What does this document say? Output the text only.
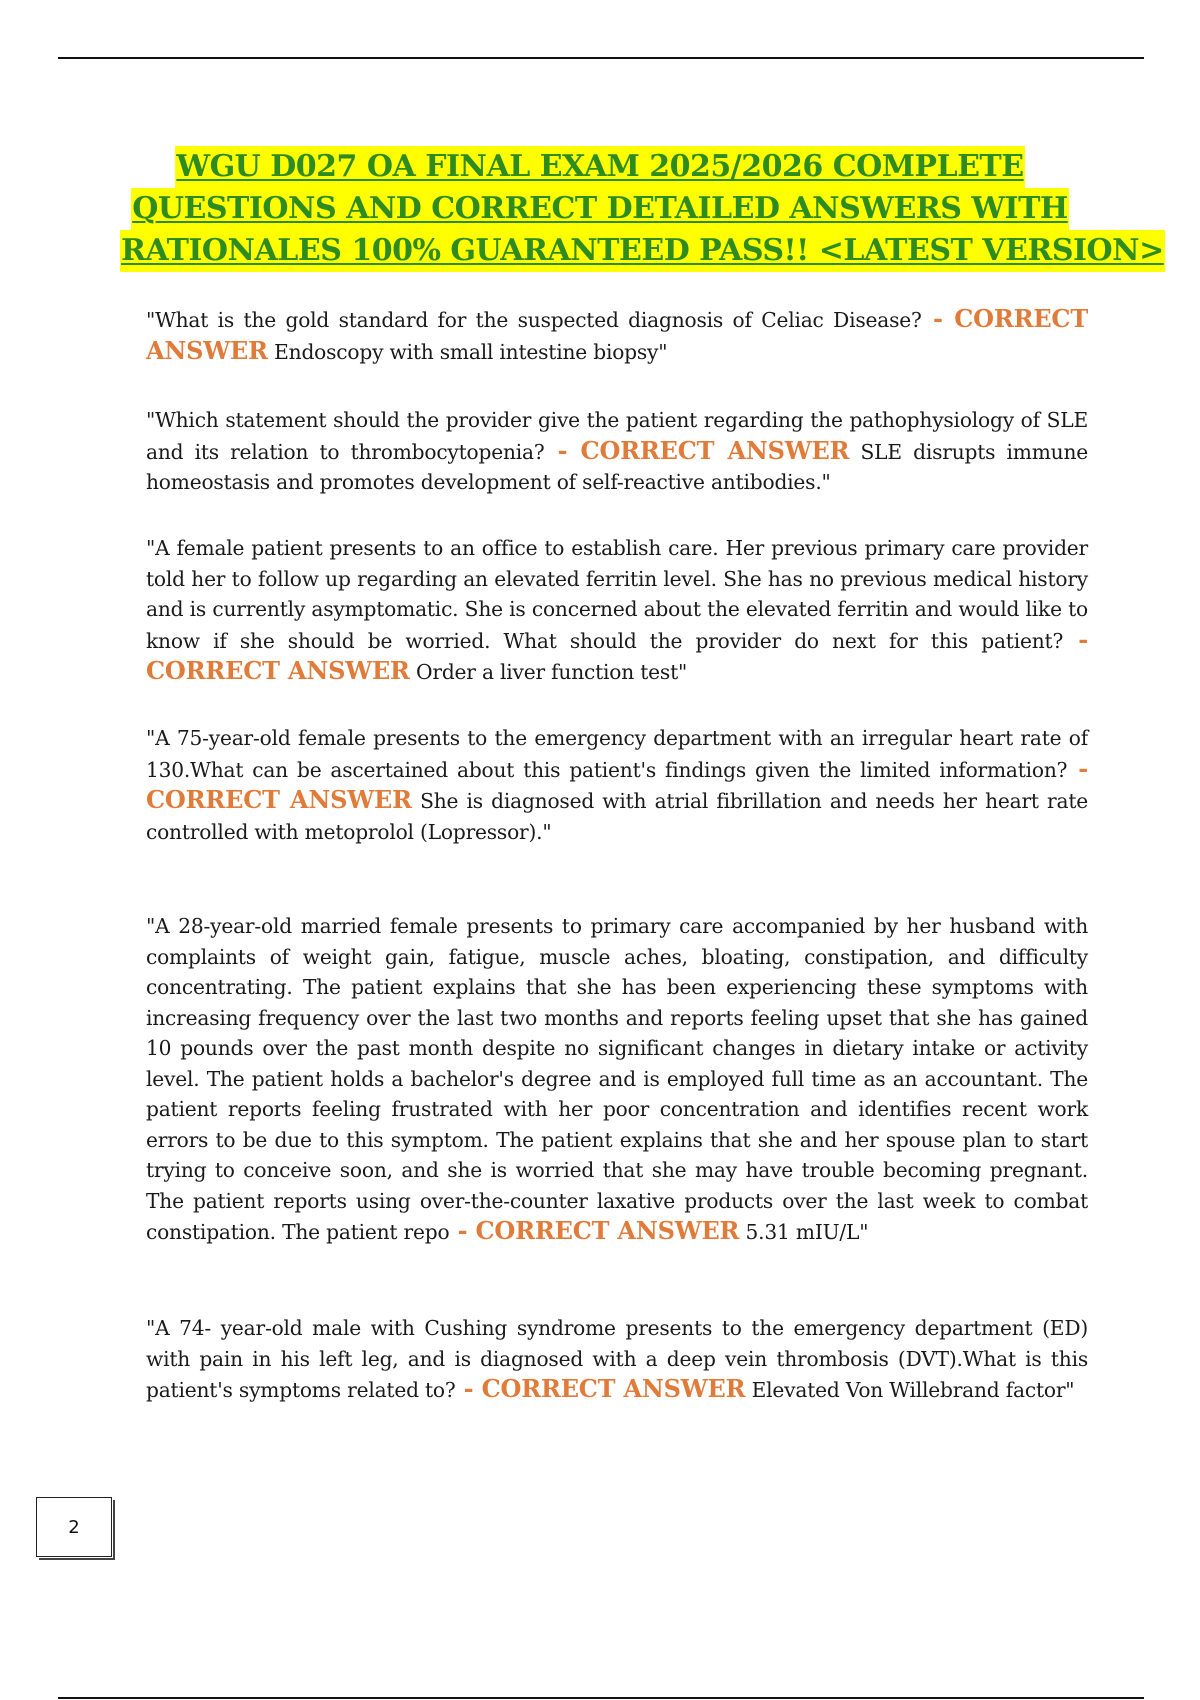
WGU D027 OA FINAL EXAM 2025/2026 COMPLETE
QUESTIONS AND CORRECT DETAILED ANSWERS WITH
RATIONALES 100% GUARANTEED PASS!! <LATEST VERSION>

"What is the gold standard for the suspected diagnosis of Celiac Disease? - CORRECT ANSWER Endoscopy with small intestine biopsy"

"Which statement should the provider give the patient regarding the pathophysiology of SLE and its relation to thrombocytopenia? - CORRECT ANSWER SLE disrupts immune homeostasis and promotes development of self-reactive antibodies."

"A female patient presents to an office to establish care. Her previous primary care provider told her to follow up regarding an elevated ferritin level. She has no previous medical history and is currently asymptomatic. She is concerned about the elevated ferritin and would like to know if she should be worried. What should the provider do next for this patient? - CORRECT ANSWER Order a liver function test"

"A 75-year-old female presents to the emergency department with an irregular heart rate of 130.What can be ascertained about this patient's findings given the limited information? - CORRECT ANSWER She is diagnosed with atrial fibrillation and needs her heart rate controlled with metoprolol (Lopressor)."

"A 28-year-old married female presents to primary care accompanied by her husband with complaints of weight gain, fatigue, muscle aches, bloating, constipation, and difficulty concentrating. The patient explains that she has been experiencing these symptoms with increasing frequency over the last two months and reports feeling upset that she has gained 10 pounds over the past month despite no significant changes in dietary intake or activity level. The patient holds a bachelor's degree and is employed full time as an accountant. The patient reports feeling frustrated with her poor concentration and identifies recent work errors to be due to this symptom. The patient explains that she and her spouse plan to start trying to conceive soon, and she is worried that she may have trouble becoming pregnant. The patient reports using over-the-counter laxative products over the last week to combat constipation. The patient repo - CORRECT ANSWER 5.31 mIU/L"

"A 74- year-old male with Cushing syndrome presents to the emergency department (ED) with pain in his left leg, and is diagnosed with a deep vein thrombosis (DVT).What is this patient's symptoms related to? - CORRECT ANSWER Elevated Von Willebrand factor"

2
